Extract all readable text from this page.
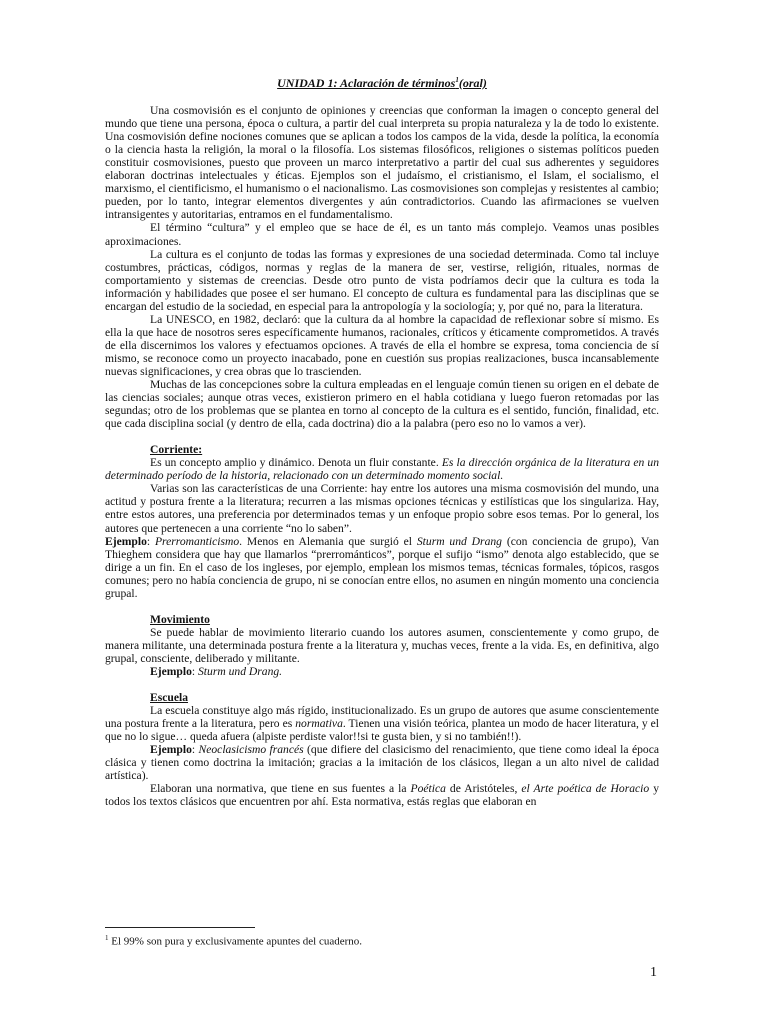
UNIDAD 1: Aclaración de términos$^1$(oral)

Una cosmovisión es el conjunto de opiniones y creencias que conforman la imagen o concepto general del mundo que tiene una persona, época o cultura, a partir del cual interpreta su propia naturaleza y la de todo lo existente. Una cosmovisión define nociones comunes que se aplican a todos los campos de la vida, desde la política, la economía o la ciencia hasta la religión, la moral o la filosofía. Los sistemas filosóficos, religiones o sistemas políticos pueden constituir cosmovisiones, puesto que proveen un marco interpretativo a partir del cual sus adherentes y seguidores elaboran doctrinas intelectuales y éticas. Ejemplos son el judaísmo, el cristianismo, el Islam, el socialismo, el marxismo, el cientificismo, el humanismo o el nacionalismo. Las cosmovisiones son complejas y resistentes al cambio; pueden, por lo tanto, integrar elementos divergentes y aún contradictorios. Cuando las afirmaciones se vuelven intransigentes y autoritarias, entramos en el fundamentalismo.

El término “cultura” y el empleo que se hace de él, es un tanto más complejo. Veamos unas posibles aproximaciones.

La cultura es el conjunto de todas las formas y expresiones de una sociedad determinada. Como tal incluye costumbres, prácticas, códigos, normas y reglas de la manera de ser, vestirse, religión, rituales, normas de comportamiento y sistemas de creencias. Desde otro punto de vista podríamos decir que la cultura es toda la información y habilidades que posee el ser humano. El concepto de cultura es fundamental para las disciplinas que se encargan del estudio de la sociedad, en especial para la antropología y la sociología; y, por qué no, para la literatura.

La UNESCO, en 1982, declaró: que la cultura da al hombre la capacidad de reflexionar sobre sí mismo. Es ella la que hace de nosotros seres específicamente humanos, racionales, críticos y éticamente comprometidos. A través de ella discernimos los valores y efectuamos opciones. A través de ella el hombre se expresa, toma conciencia de sí mismo, se reconoce como un proyecto inacabado, pone en cuestión sus propias realizaciones, busca incansablemente nuevas significaciones, y crea obras que lo trascienden.

Muchas de las concepciones sobre la cultura empleadas en el lenguaje común tienen su origen en el debate de las ciencias sociales; aunque otras veces, existieron primero en el habla cotidiana y luego fueron retomadas por las segundas; otro de los problemas que se plantea en torno al concepto de la cultura es el sentido, función, finalidad, etc. que cada disciplina social (y dentro de ella, cada doctrina) dio a la palabra (pero eso no lo vamos a ver).

Corriente:

Es un concepto amplio y dinámico. Denota un fluir constante. Es la dirección orgánica de la literatura en un determinado período de la historia, relacionado con un determinado momento social.

Varias son las características de una Corriente: hay entre los autores una misma cosmovisión del mundo, una actitud y postura frente a la literatura; recurren a las mismas opciones técnicas y estilísticas que los singulariza. Hay, entre estos autores, una preferencia por determinados temas y un enfoque propio sobre esos temas. Por lo general, los autores que pertenecen a una corriente “no lo saben”.

Ejemplo: Prerromanticismo. Menos en Alemania que surgió el Sturm und Drang (con conciencia de grupo), Van Thieghem considera que hay que llamarlos “prerrománticos”, porque el sufijo “ismo” denota algo establecido, que se dirige a un fin. En el caso de los ingleses, por ejemplo, emplean los mismos temas, técnicas formales, tópicos, rasgos comunes; pero no había conciencia de grupo, ni se conocían entre ellos, no asumen en ningún momento una conciencia grupal.

Movimiento

Se puede hablar de movimiento literario cuando los autores asumen, conscientemente y como grupo, de manera militante, una determinada postura frente a la literatura y, muchas veces, frente a la vida. Es, en definitiva, algo grupal, consciente, deliberado y militante.

Ejemplo: Sturm und Drang.

Escuela

La escuela constituye algo más rígido, institucionalizado. Es un grupo de autores que asume conscientemente una postura frente a la literatura, pero es normativa. Tienen una visión teórica, plantea un modo de hacer literatura, y el que no lo sigue… queda afuera (alpiste perdiste valor!!si te gusta bien, y si no también!!).

Ejemplo: Neoclasicismo francés (que difiere del clasicismo del renacimiento, que tiene como ideal la época clásica y tienen como doctrina la imitación; gracias a la imitación de los clásicos, llegan a un alto nivel de calidad artística).

Elaboran una normativa, que tiene en sus fuentes a la Poética de Aristóteles, el Arte poética de Horacio y todos los textos clásicos que encuentren por ahí. Esta normativa, estás reglas que elaboran en

$^1$ El 99% son pura y exclusivamente apuntes del cuaderno.
1
